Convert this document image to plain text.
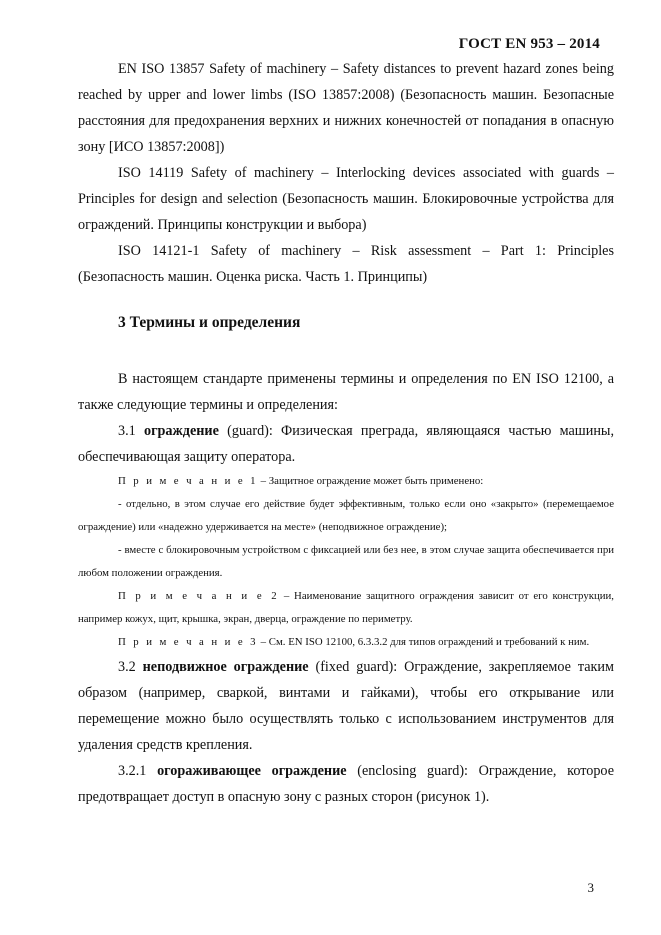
ГОСТ EN 953 – 2014

EN ISO 13857 Safety of machinery – Safety distances to prevent hazard zones being reached by upper and lower limbs (ISO 13857:2008) (Безопасность машин. Безопасные расстояния для предохранения верхних и нижних конечностей от попадания в опасную зону [ИСО 13857:2008])

ISO 14119 Safety of machinery – Interlocking devices associated with guards – Principles for design and selection (Безопасность машин. Блокировочные устройства для ограждений. Принципы конструкции и выбора)

ISO 14121-1 Safety of machinery – Risk assessment – Part 1: Principles (Безопасность машин. Оценка риска. Часть 1. Принципы)

3 Термины и определения

В настоящем стандарте применены термины и определения по EN ISO 12100, а также следующие термины и определения:

3.1 ограждение (guard): Физическая преграда, являющаяся частью машины, обеспечивающая защиту оператора.

П р и м е ч а н и е 1 – Защитное ограждение может быть применено:

- отдельно, в этом случае его действие будет эффективным, только если оно «закрыто» (перемещаемое ограждение) или «надежно удерживается на месте» (неподвижное ограждение);

- вместе с блокировочным устройством с фиксацией или без нее, в этом случае защита обеспечивается при любом положении ограждения.

П р и м е ч а н и е 2 – Наименование защитного ограждения зависит от его конструкции, например кожух, щит, крышка, экран, дверца, ограждение по периметру.

П р и м е ч а н и е 3 – См. EN ISO 12100, 6.3.3.2 для типов ограждений и требований к ним.

3.2 неподвижное ограждение (fixed guard): Ограждение, закрепляемое таким образом (например, сваркой, винтами и гайками), чтобы его открывание или перемещение можно было осуществлять только с использованием инструментов для удаления средств крепления.

3.2.1 огораживающее ограждение (enclosing guard): Ограждение, которое предотвращает доступ в опасную зону с разных сторон (рисунок 1).

3
